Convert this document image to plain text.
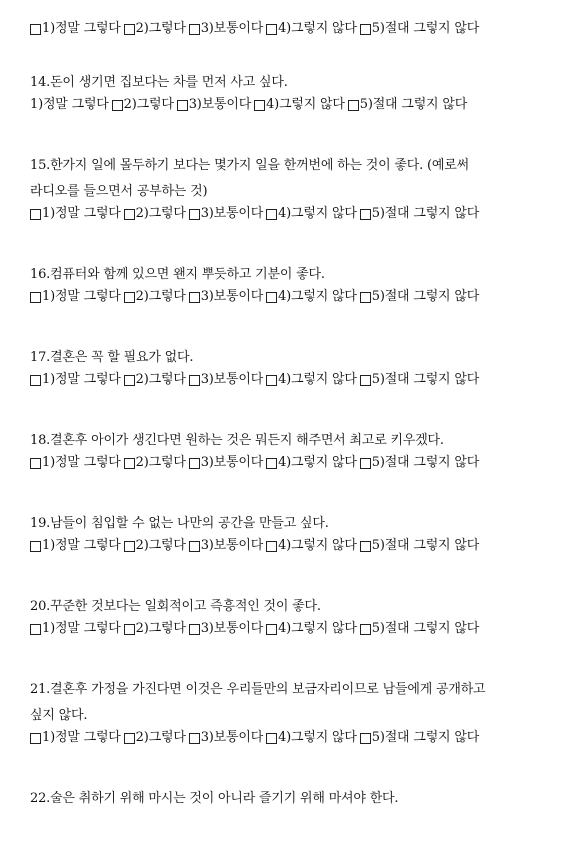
1)정말 그렇다 2)그렇다 3)보통이다 4)그렇지 않다 5)절대 그렇지 않다
14.돈이 생기면 집보다는 차를 먼저 사고 싶다.
1)정말 그렇다 2)그렇다 3)보통이다 4)그렇지 않다 5)절대 그렇지 않다
15.한가지 일에 몰두하기 보다는 몇가지 일을 한꺼번에 하는 것이 좋다. (예로써
라디오를 들으면서 공부하는 것)
1)정말 그렇다 2)그렇다 3)보통이다 4)그렇지 않다 5)절대 그렇지 않다
16.컴퓨터와 함께 있으면 왠지 뿌듯하고 기분이 좋다.
1)정말 그렇다 2)그렇다 3)보통이다 4)그렇지 않다 5)절대 그렇지 않다
17.결혼은 꼭 할 필요가 없다.
1)정말 그렇다 2)그렇다 3)보통이다 4)그렇지 않다 5)절대 그렇지 않다
18.결혼후 아이가 생긴다면 원하는 것은 뭐든지 해주면서 최고로 키우겠다.
1)정말 그렇다 2)그렇다 3)보통이다 4)그렇지 않다 5)절대 그렇지 않다
19.남들이 침입할 수 없는 나만의 공간을 만들고 싶다.
1)정말 그렇다 2)그렇다 3)보통이다 4)그렇지 않다 5)절대 그렇지 않다
20.꾸준한 것보다는 일회적이고 즉흥적인 것이 좋다.
1)정말 그렇다 2)그렇다 3)보통이다 4)그렇지 않다 5)절대 그렇지 않다
21.결혼후 가정을 가진다면 이것은 우리들만의 보금자리이므로 남들에게 공개하고
싶지 않다.
1)정말 그렇다 2)그렇다 3)보통이다 4)그렇지 않다 5)절대 그렇지 않다
22.술은 취하기 위해 마시는 것이 아니라 즐기기 위해 마셔야 한다.
